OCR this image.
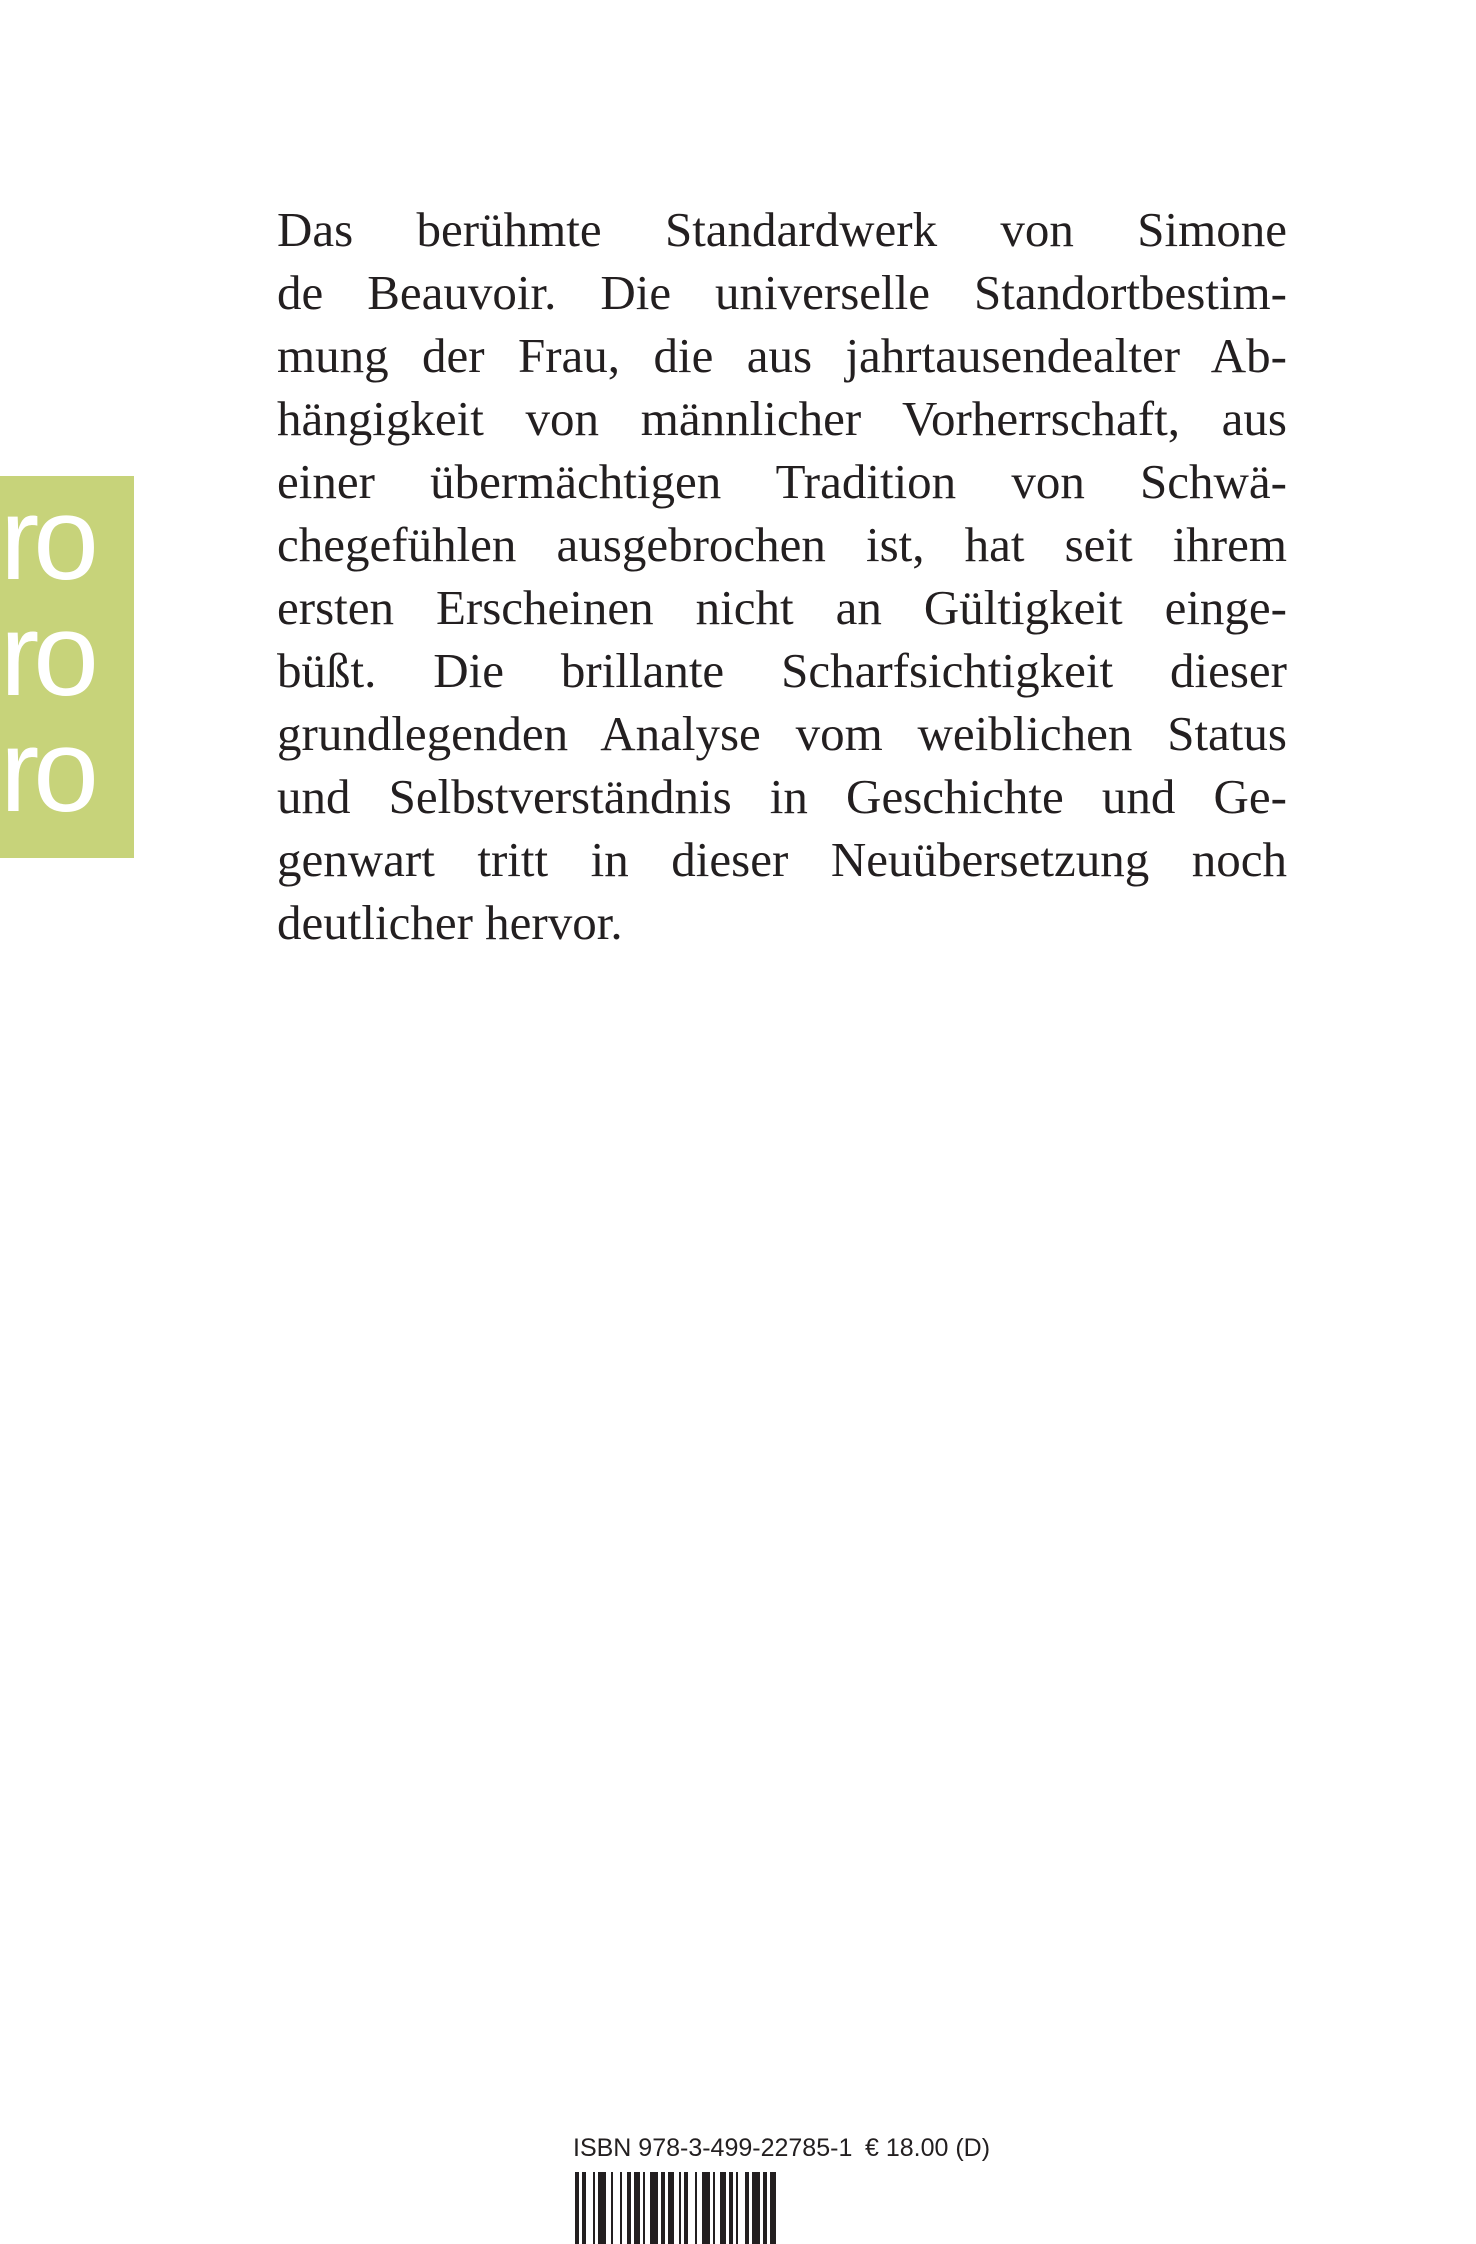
ro
ro
ro
Das berühmte Standardwerk von Simone
de Beauvoir. Die universelle Standortbestim-
mung der Frau, die aus jahrtausendealter Ab-
hängigkeit von männlicher Vorherrschaft, aus
einer übermächtigen Tradition von Schwä-
chegefühlen ausgebrochen ist, hat seit ihrem
ersten Erscheinen nicht an Gültigkeit einge-
büßt. Die brillante Scharfsichtigkeit dieser
grundlegenden Analyse vom weiblichen Status
und Selbstverständnis in Geschichte und Ge-
genwart tritt in dieser Neuübersetzung noch
deutlicher hervor.
ISBN 978-3-499-22785-1 € 18.00 (D)
